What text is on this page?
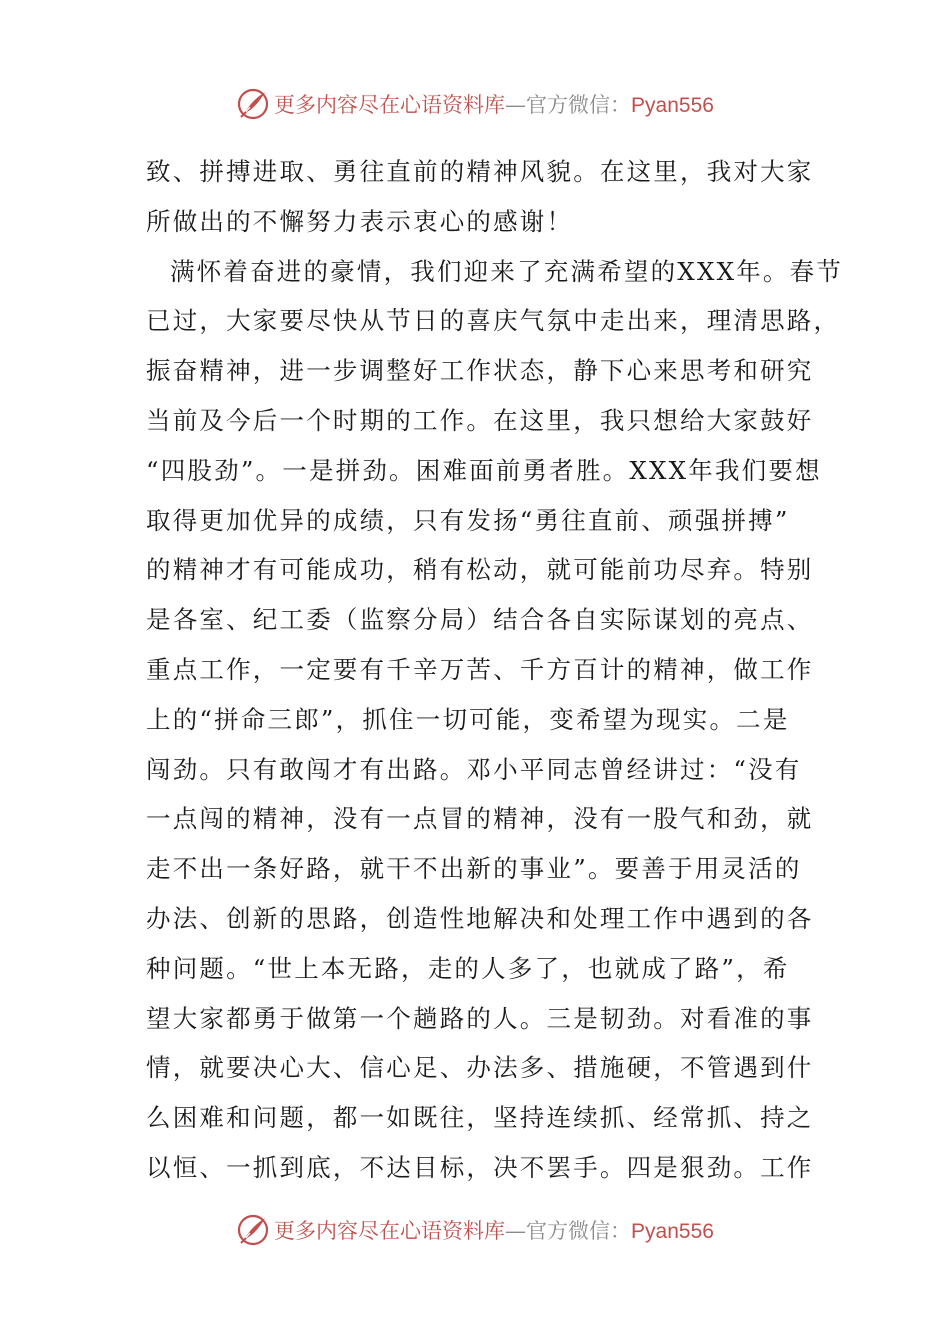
更多内容尽在心语资料库—官方微信：Pyan556
致、拼搏进取、勇往直前的精神风貌。在这里，我对大家
所做出的不懈努力表示衷心的感谢！
满怀着奋进的豪情，我们迎来了充满希望的XXX年。春节
已过，大家要尽快从节日的喜庆气氛中走出来，理清思路，
振奋精神，进一步调整好工作状态，静下心来思考和研究
当前及今后一个时期的工作。在这里，我只想给大家鼓好
“四股劲”。一是拼劲。困难面前勇者胜。XXX年我们要想
取得更加优异的成绩，只有发扬“勇往直前、顽强拼搏”
的精神才有可能成功，稍有松动，就可能前功尽弃。特别
是各室、纪工委（监察分局）结合各自实际谋划的亮点、
重点工作，一定要有千辛万苦、千方百计的精神，做工作
上的“拼命三郎”，抓住一切可能，变希望为现实。二是
闯劲。只有敢闯才有出路。邓小平同志曾经讲过：“没有
一点闯的精神，没有一点冒的精神，没有一股气和劲，就
走不出一条好路，就干不出新的事业”。要善于用灵活的
办法、创新的思路，创造性地解决和处理工作中遇到的各
种问题。“世上本无路，走的人多了，也就成了路”，希
望大家都勇于做第一个趟路的人。三是韧劲。对看准的事
情，就要决心大、信心足、办法多、措施硬，不管遇到什
么困难和问题，都一如既往，坚持连续抓、经常抓、持之
以恒、一抓到底，不达目标，决不罢手。四是狠劲。工作
更多内容尽在心语资料库—官方微信：Pyan556
